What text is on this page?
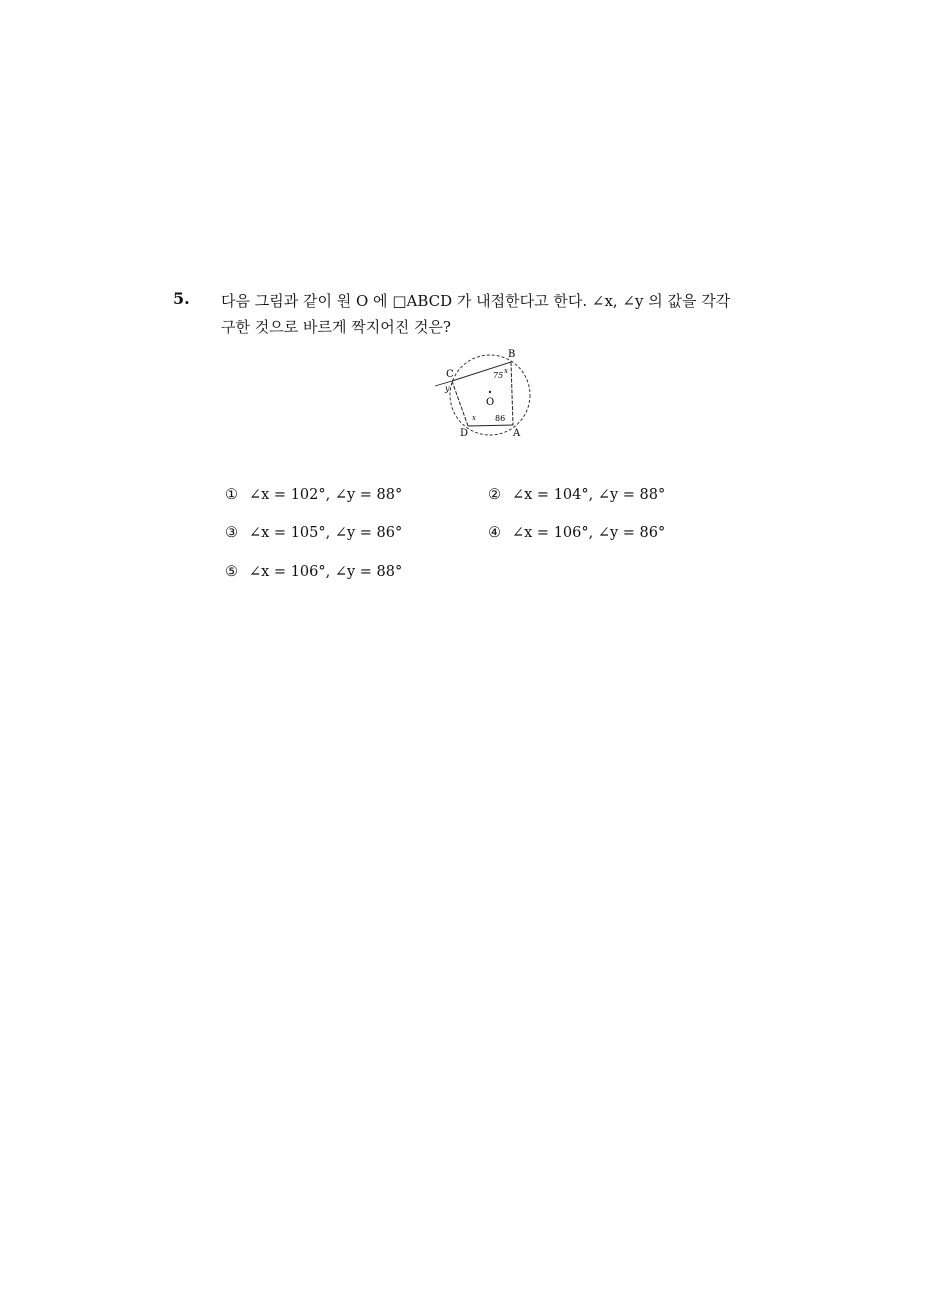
5. 다음 그림과 같이 원 O 에 □ABCD 가 내접한다고 한다. ∠x, ∠y 의 값을 각각
구한 것으로 바르게 짝지어진 것은?
B
C
D	A
O
75 x
y
x 86
① ∠x = 102°, ∠y = 88°	② ∠x = 104°, ∠y = 88°
③ ∠x = 105°, ∠y = 86°	④ ∠x = 106°, ∠y = 86°
⑤ ∠x = 106°, ∠y = 88°
